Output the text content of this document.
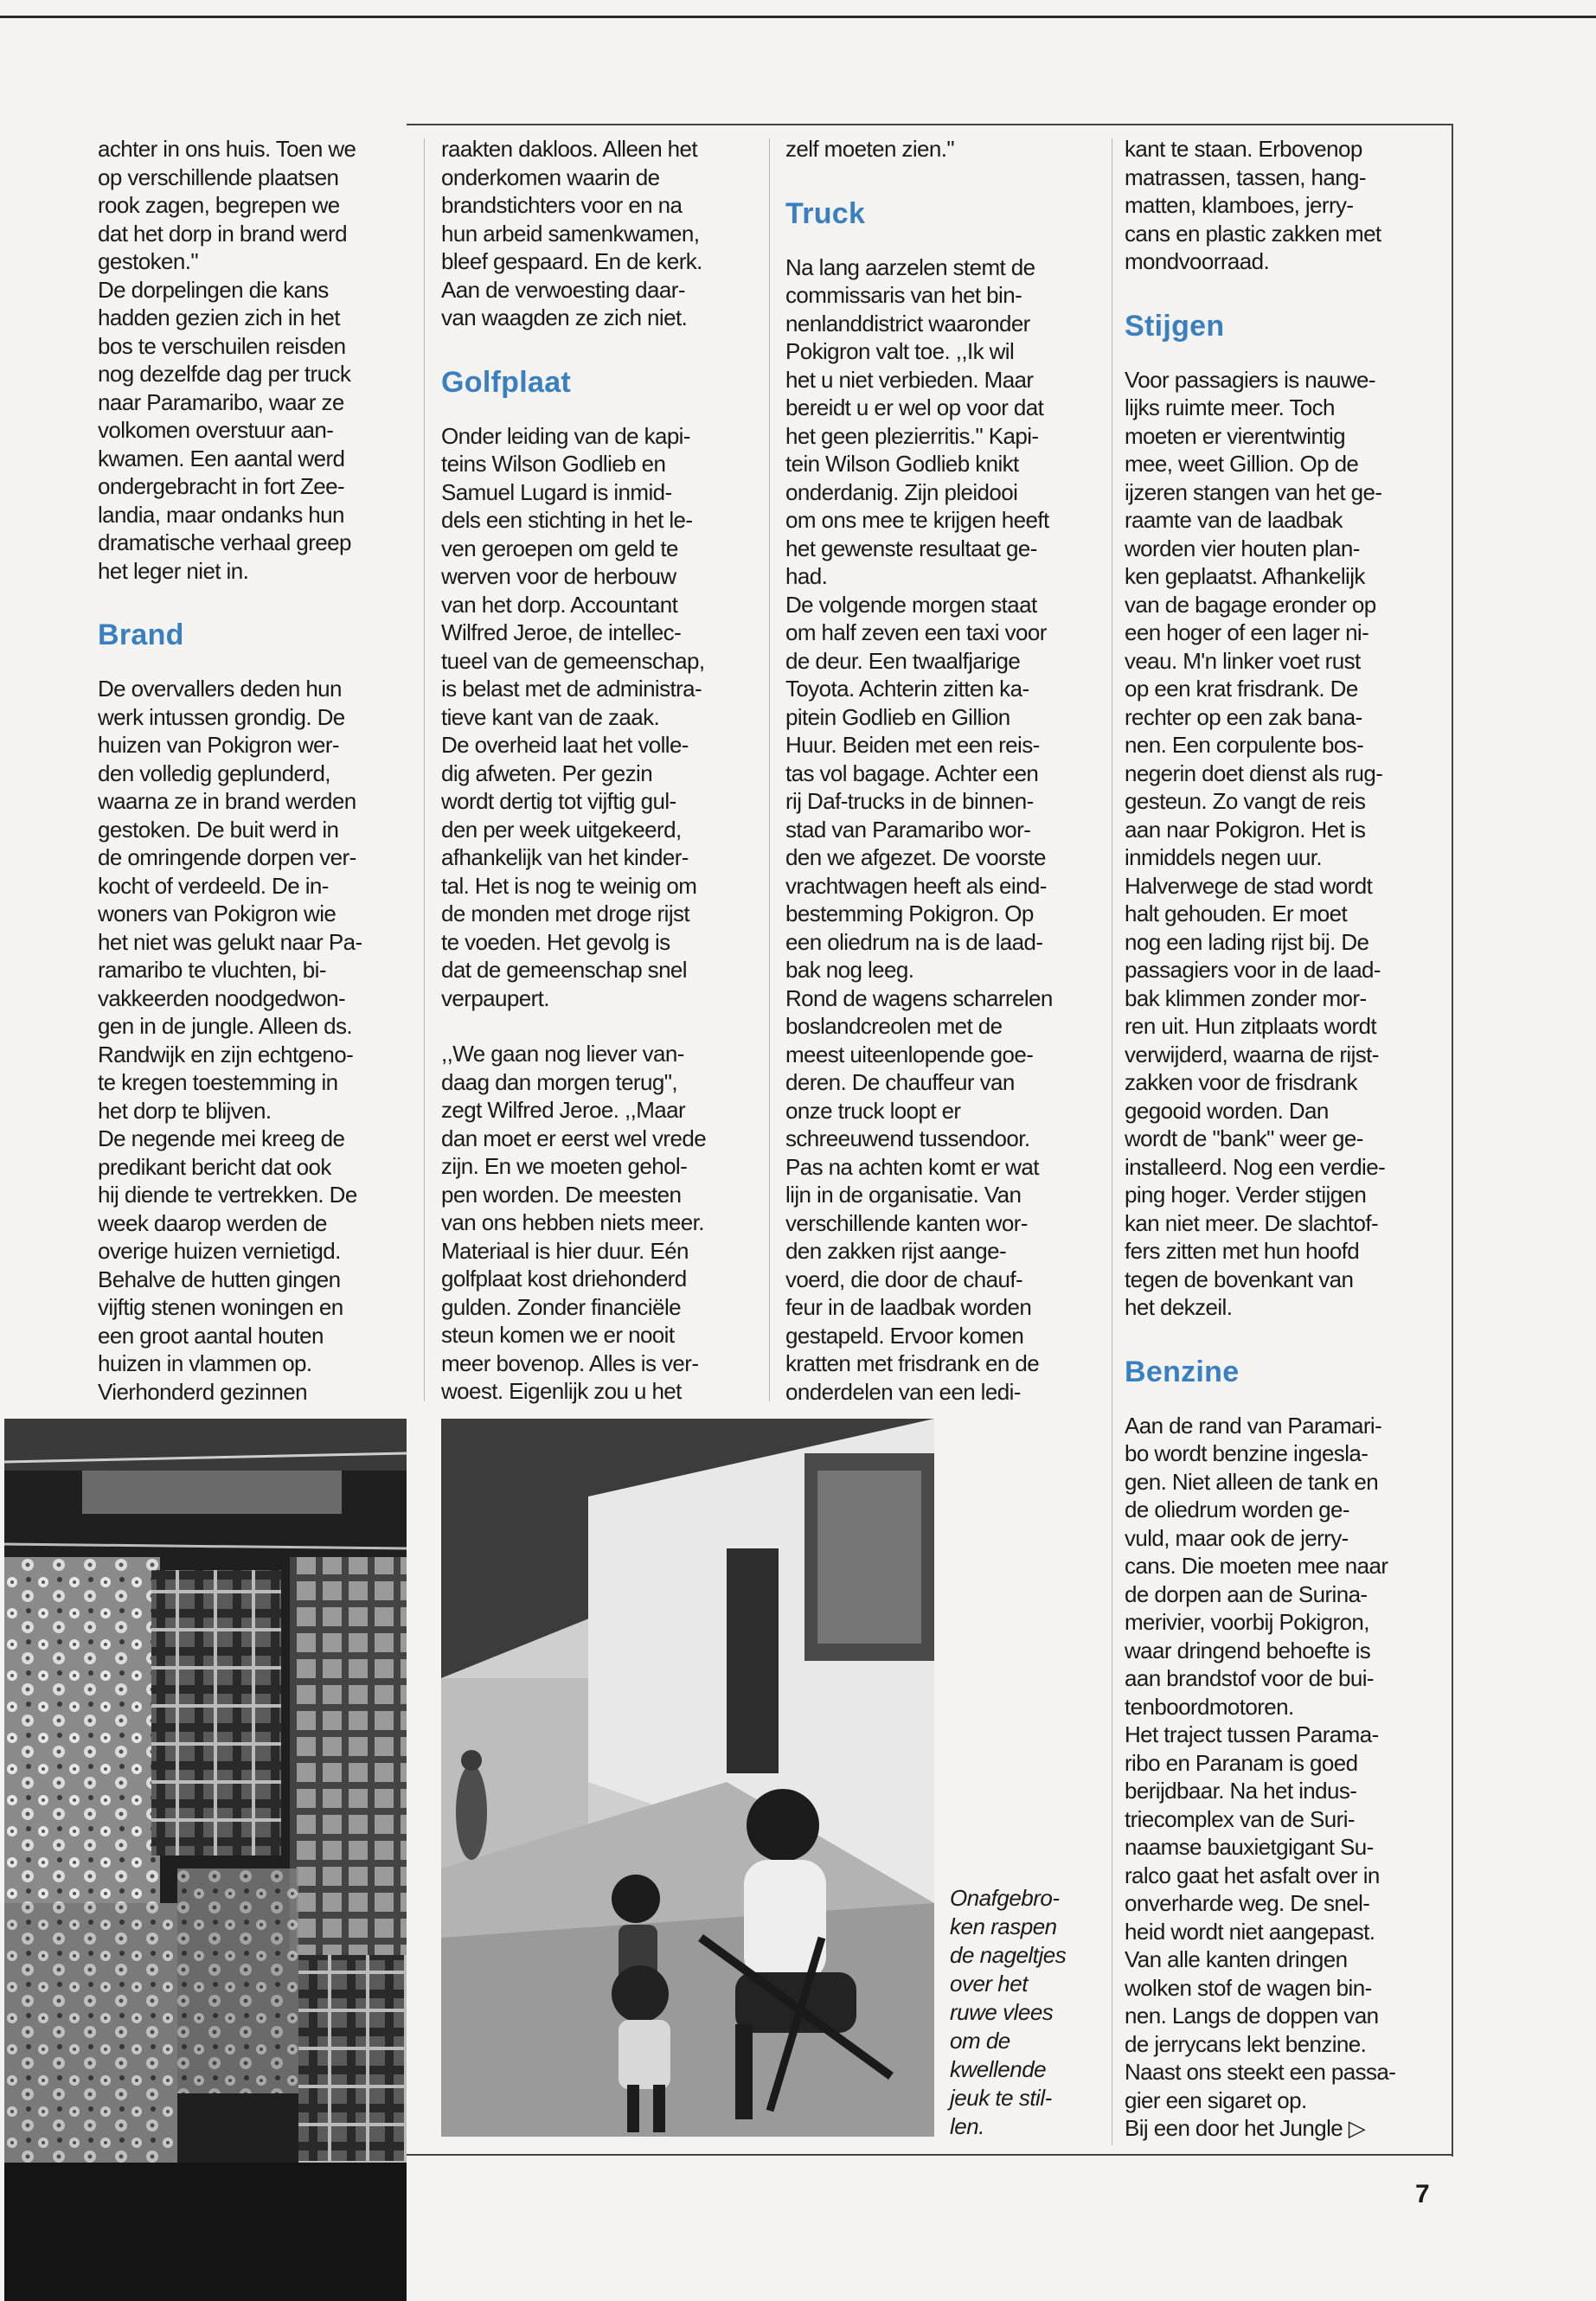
achter in ons huis. Toen we
op verschillende plaatsen
rook zagen, begrepen we
dat het dorp in brand werd
gestoken."

De dorpelingen die kans
hadden gezien zich in het
bos te verschuilen reisden
nog dezelfde dag per truck
naar Paramaribo, waar ze
volkomen overstuur aan-
kwamen. Een aantal werd
ondergebracht in fort Zee-
landia, maar ondanks hun
dramatische verhaal greep
het leger niet in.

Brand

De overvallers deden hun
werk intussen grondig. De
huizen van Pokigron wer-
den volledig geplunderd,
waarna ze in brand werden
gestoken. De buit werd in
de omringende dorpen ver-
kocht of verdeeld. De in-
woners van Pokigron wie
het niet was gelukt naar Pa-
ramaribo te vluchten, bi-
vakkeerden noodgedwon-
gen in de jungle. Alleen ds.
Randwijk en zijn echtgeno-
te kregen toestemming in
het dorp te blijven.

De negende mei kreeg de
predikant bericht dat ook
hij diende te vertrekken. De
week daarop werden de
overige huizen vernietigd.
Behalve de hutten gingen
vijftig stenen woningen en
een groot aantal houten
huizen in vlammen op.
Vierhonderd gezinnen

raakten dakloos. Alleen het
onderkomen waarin de
brandstichters voor en na
hun arbeid samenkwamen,
bleef gespaard. En de kerk.
Aan de verwoesting daar-
van waagden ze zich niet.

Golfplaat

Onder leiding van de kapi-
teins Wilson Godlieb en
Samuel Lugard is inmid-
dels een stichting in het le-
ven geroepen om geld te
werven voor de herbouw
van het dorp. Accountant
Wilfred Jeroe, de intellec-
tueel van de gemeenschap,
is belast met de administra-
tieve kant van de zaak.

De overheid laat het volle-
dig afweten. Per gezin
wordt dertig tot vijftig gul-
den per week uitgekeerd,
afhankelijk van het kinder-
tal. Het is nog te weinig om
de monden met droge rijst
te voeden. Het gevolg is
dat de gemeenschap snel
verpaupert.

,,We gaan nog liever van-
daag dan morgen terug",
zegt Wilfred Jeroe. ,,Maar
dan moet er eerst wel vrede
zijn. En we moeten gehol-
pen worden. De meesten
van ons hebben niets meer.
Materiaal is hier duur. Eén
golfplaat kost driehonderd
gulden. Zonder financiële
steun komen we er nooit
meer bovenop. Alles is ver-
woest. Eigenlijk zou u het

zelf moeten zien."

Truck

Na lang aarzelen stemt de
commissaris van het bin-
nenlanddistrict waaronder
Pokigron valt toe. ,,Ik wil
het u niet verbieden. Maar
bereidt u er wel op voor dat
het geen plezierritis." Kapi-
tein Wilson Godlieb knikt
onderdanig. Zijn pleidooi
om ons mee te krijgen heeft
het gewenste resultaat ge-
had.

De volgende morgen staat
om half zeven een taxi voor
de deur. Een twaalfjarige
Toyota. Achterin zitten ka-
pitein Godlieb en Gillion
Huur. Beiden met een reis-
tas vol bagage. Achter een
rij Daf-trucks in de binnen-
stad van Paramaribo wor-
den we afgezet. De voorste
vrachtwagen heeft als eind-
bestemming Pokigron. Op
een oliedrum na is de laad-
bak nog leeg.

Rond de wagens scharrelen
boslandcreolen met de
meest uiteenlopende goe-
deren. De chauffeur van
onze truck loopt er
schreeuwend tussendoor.
Pas na achten komt er wat
lijn in de organisatie. Van
verschillende kanten wor-
den zakken rijst aange-
voerd, die door de chauf-
feur in de laadbak worden
gestapeld. Ervoor komen
kratten met frisdrank en de
onderdelen van een ledi-

kant te staan. Erbovenop
matrassen, tassen, hang-
matten, klamboes, jerry-
cans en plastic zakken met
mondvoorraad.

Stijgen

Voor passagiers is nauwe-
lijks ruimte meer. Toch
moeten er vierentwintig
mee, weet Gillion. Op de
ijzeren stangen van het ge-
raamte van de laadbak
worden vier houten plan-
ken geplaatst. Afhankelijk
van de bagage eronder op
een hoger of een lager ni-
veau. M'n linker voet rust
op een krat frisdrank. De
rechter op een zak bana-
nen. Een corpulente bos-
negerin doet dienst als rug-
gesteun. Zo vangt de reis
aan naar Pokigron. Het is
inmiddels negen uur.

Halverwege de stad wordt
halt gehouden. Er moet
nog een lading rijst bij. De
passagiers voor in de laad-
bak klimmen zonder mor-
ren uit. Hun zitplaats wordt
verwijderd, waarna de rijst-
zakken voor de frisdrank
gegooid worden. Dan
wordt de "bank" weer ge-
installeerd. Nog een verdie-
ping hoger. Verder stijgen
kan niet meer. De slachtof-
fers zitten met hun hoofd
tegen de bovenkant van
het dekzeil.

Benzine

Aan de rand van Paramari-
bo wordt benzine ingesla-
gen. Niet alleen de tank en
de oliedrum worden ge-
vuld, maar ook de jerry-
cans. Die moeten mee naar
de dorpen aan de Surina-
merivier, voorbij Pokigron,
waar dringend behoefte is
aan brandstof voor de bui-
tenboordmotoren.

Het traject tussen Parama-
ribo en Paranam is goed
berijdbaar. Na het indus-
triecomplex van de Suri-
naamse bauxietgigant Su-
ralco gaat het asfalt over in
onverharde weg. De snel-
heid wordt niet aangepast.
Van alle kanten dringen
wolken stof de wagen bin-
nen. Langs de doppen van
de jerrycans lekt benzine.
Naast ons steekt een passa-
gier een sigaret op.

Bij een door het Jungle ▷

Onafgebro-
ken raspen
de nageltjes
over het
ruwe vlees
om de
kwellende
jeuk te stil-
len.
7
